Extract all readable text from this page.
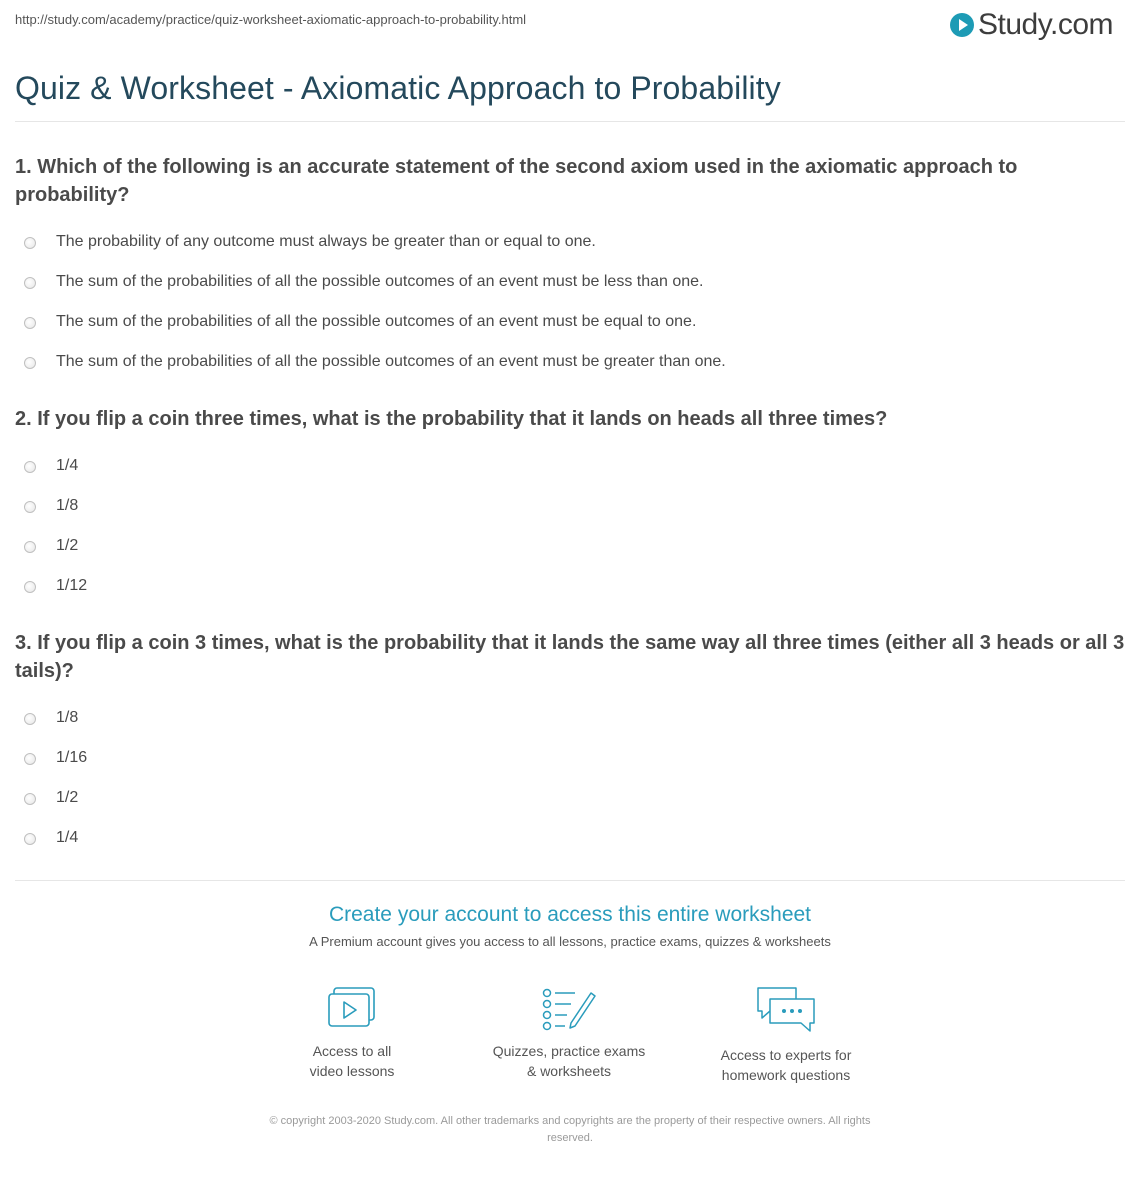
http://study.com/academy/practice/quiz-worksheet-axiomatic-approach-to-probability.html	Study.com
Quiz & Worksheet - Axiomatic Approach to Probability
1. Which of the following is an accurate statement of the second axiom used in the axiomatic approach to probability?
The probability of any outcome must always be greater than or equal to one.
The sum of the probabilities of all the possible outcomes of an event must be less than one.
The sum of the probabilities of all the possible outcomes of an event must be equal to one.
The sum of the probabilities of all the possible outcomes of an event must be greater than one.
2. If you flip a coin three times, what is the probability that it lands on heads all three times?
1/4
1/8
1/2
1/12
3. If you flip a coin 3 times, what is the probability that it lands the same way all three times (either all 3 heads or all 3 tails)?
1/8
1/16
1/2
1/4
Create your account to access this entire worksheet
A Premium account gives you access to all lessons, practice exams, quizzes & worksheets
Access to all
video lessons
Quizzes, practice exams
& worksheets
Access to experts for
homework questions
© copyright 2003-2020 Study.com. All other trademarks and copyrights are the property of their respective owners. All rights
reserved.
